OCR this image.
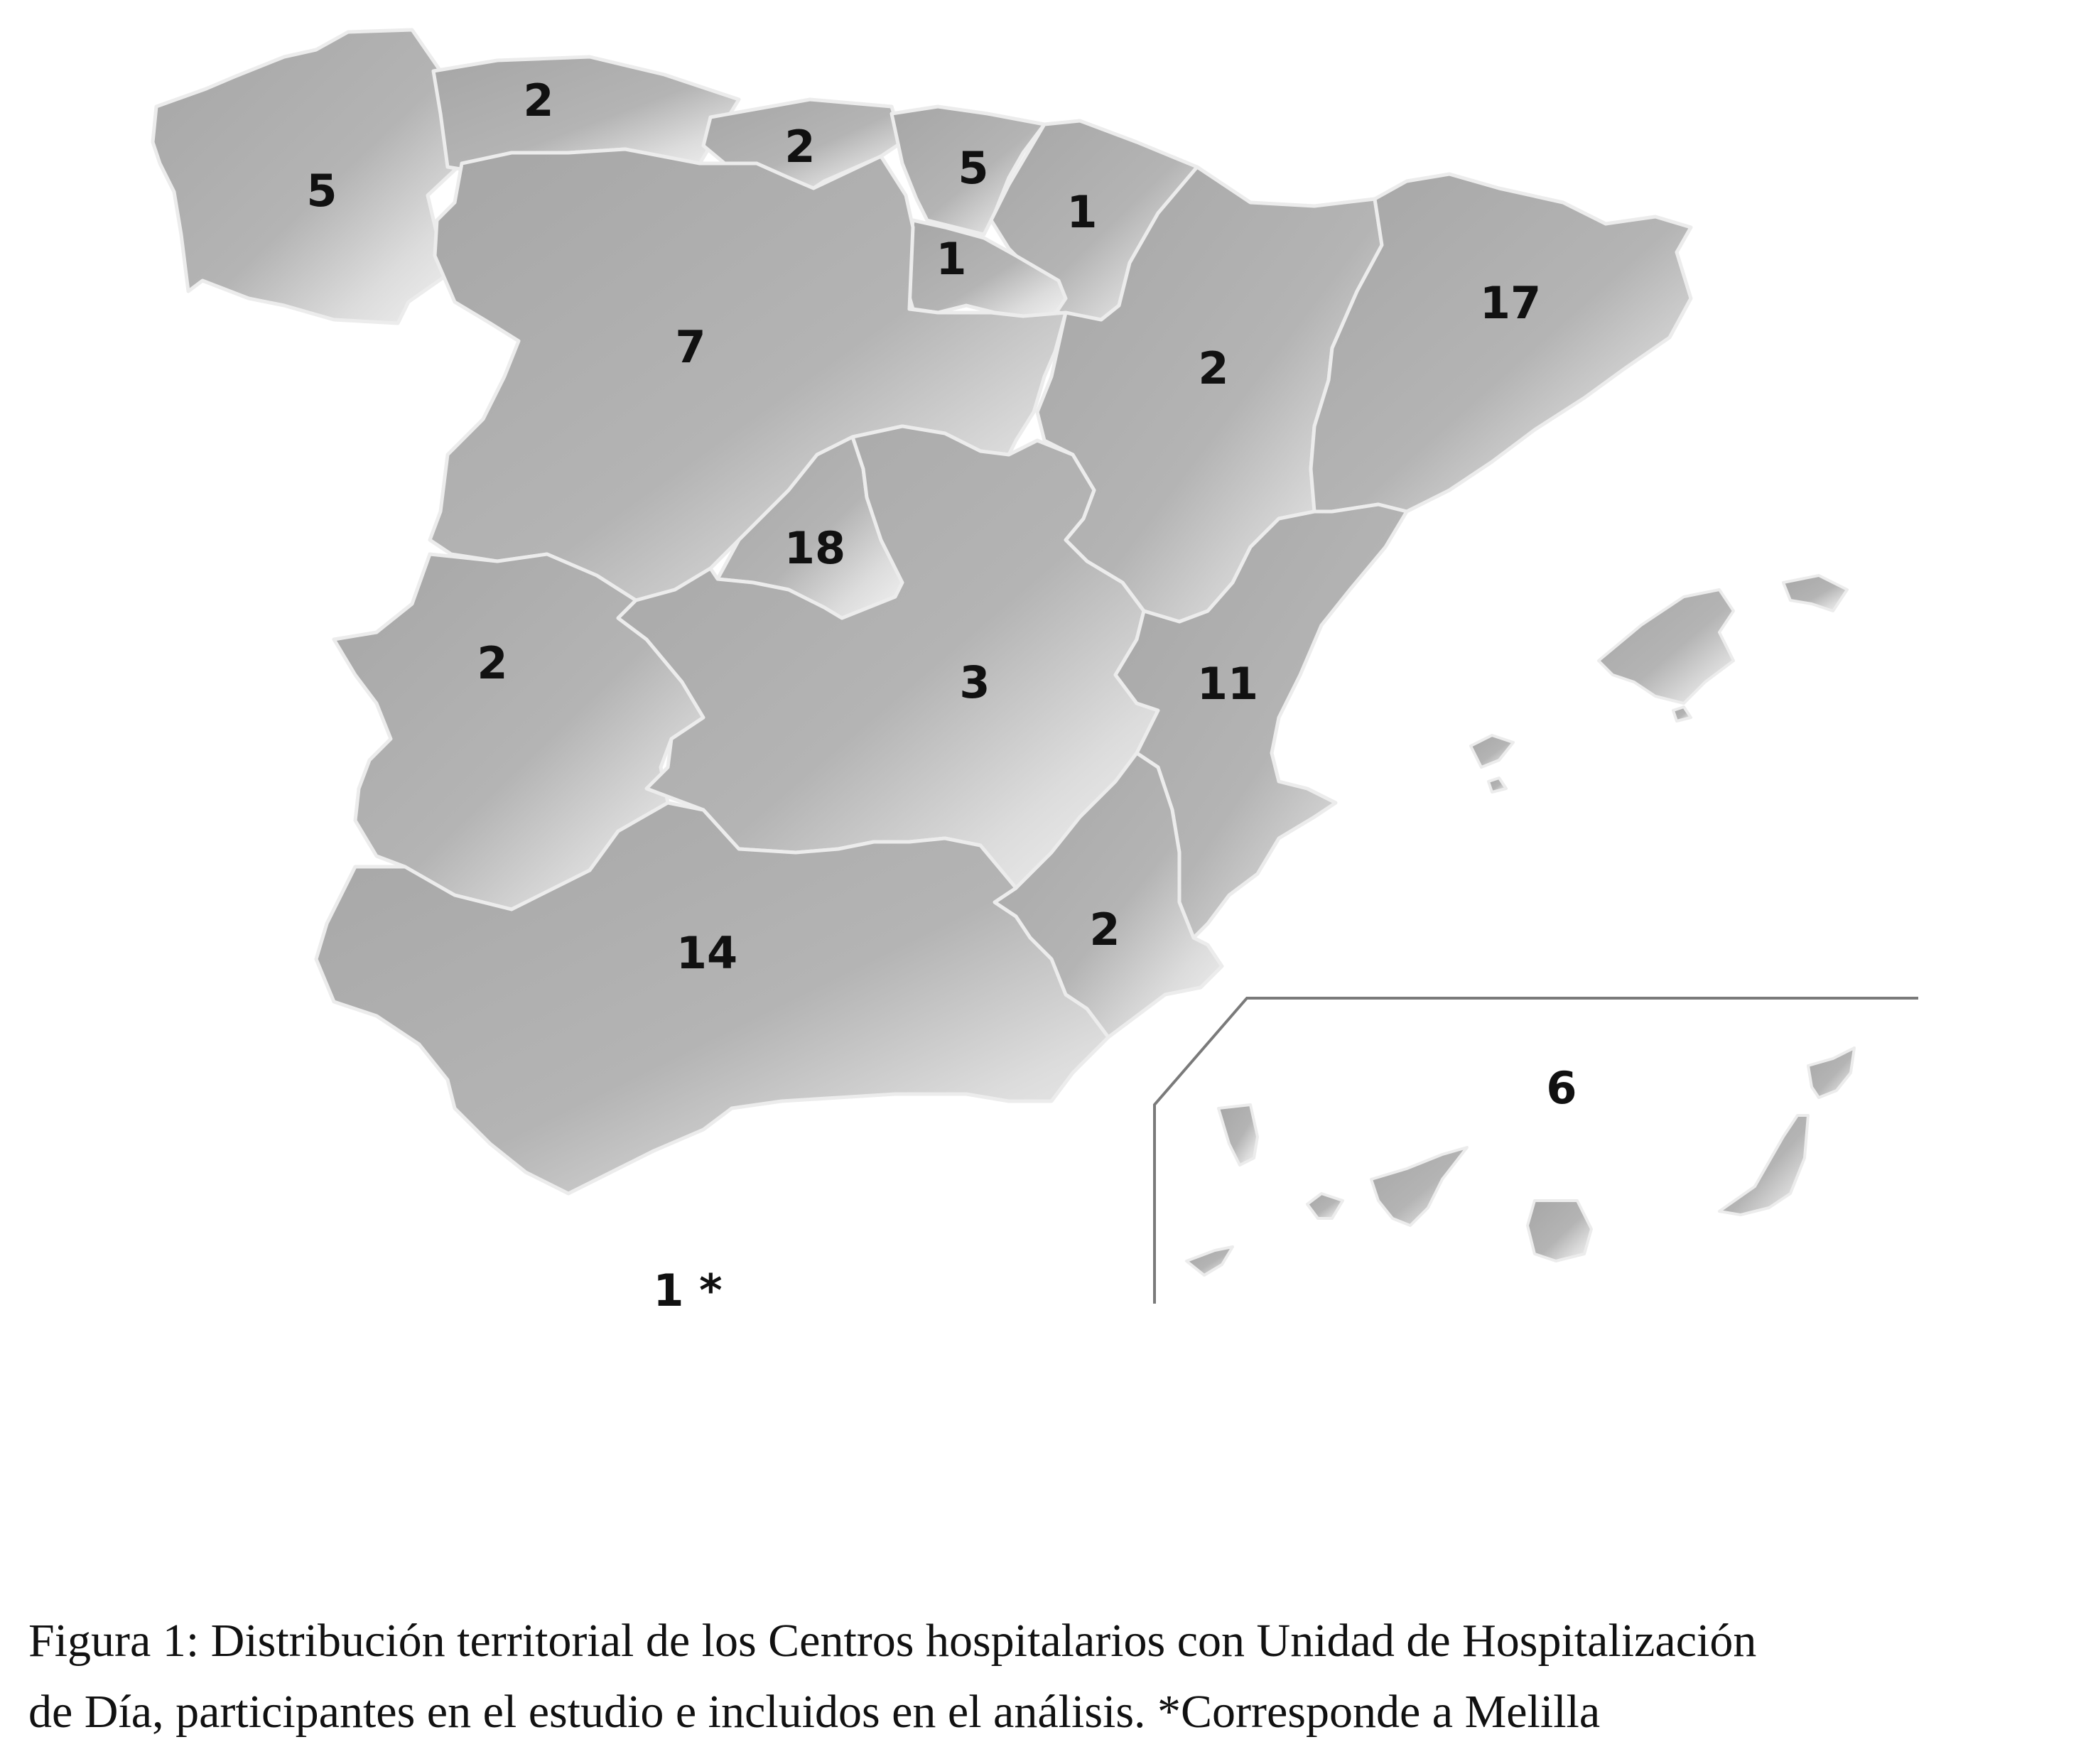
5
2
2	5
1
1
7	2
17
18
2	3	11
2
14
6
1 *
Figura 1: Distribución territorial de los Centros hospitalarios con Unidad de Hospitalización
de Día, participantes en el estudio e incluidos en el análisis. *Corresponde a Melilla
